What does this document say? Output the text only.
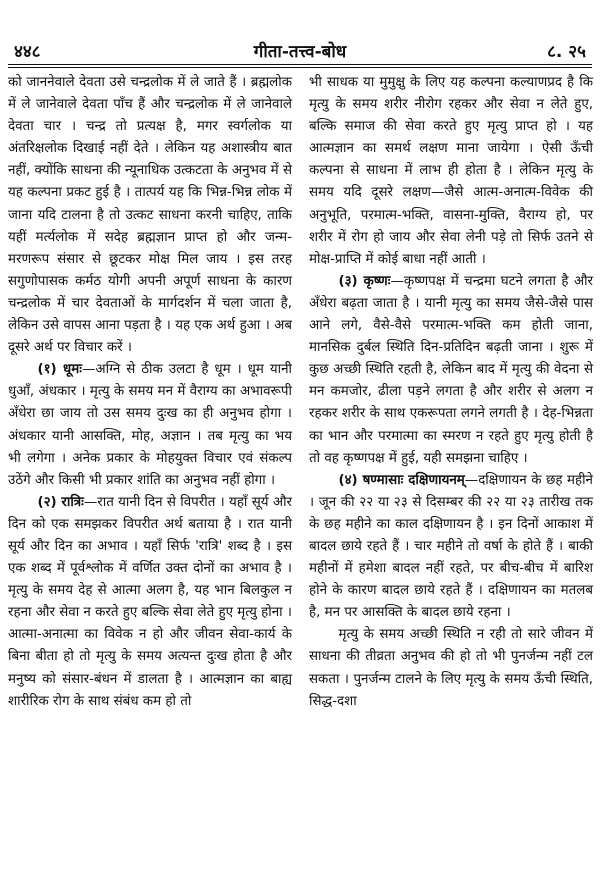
४४८	गीता-तत्त्व-बोध	८. २५

को जाननेवाले देवता उसे चन्द्रलोक में ले जाते हैं । ब्रह्मलोक में ले जानेवाले देवता पाँच हैं और चन्द्रलोक में ले जानेवाले देवता चार । चन्द्र तो प्रत्यक्ष है, मगर स्वर्गलोक या अंतरिक्षलोक दिखाई नहीं देते । लेकिन यह अशास्त्रीय बात नहीं, क्योंकि साधना की न्यूनाधिक उत्कटता के अनुभव में से यह कल्पना प्रकट हुई है । तात्पर्य यह कि भिन्न-भिन्न लोक में जाना यदि टालना है तो उत्कट साधना करनी चाहिए, ताकि यहीं मर्त्यलोक में सदेह ब्रह्मज्ञान प्राप्त हो और जन्म-मरणरूप संसार से छूटकर मोक्ष मिल जाय । इस तरह सगुणोपासक कर्मठ योगी अपनी अपूर्ण साधना के कारण चन्द्रलोक में चार देवताओं के मार्गदर्शन में चला जाता है, लेकिन उसे वापस आना पड़ता है । यह एक अर्थ हुआ । अब दूसरे अर्थ पर विचार करें ।

(१) धूमः—अग्नि से ठीक उलटा है धूम । धूम यानी धुआँ, अंधकार । मृत्यु के समय मन में वैराग्य का अभावरूपी अँधेरा छा जाय तो उस समय दुःख का ही अनुभव होगा । अंधकार यानी आसक्ति, मोह, अज्ञान । तब मृत्यु का भय भी लगेगा । अनेक प्रकार के मोहयुक्त विचार एवं संकल्प उठेंगे और किसी भी प्रकार शांति का अनुभव नहीं होगा ।

(२) रात्रिः—रात यानी दिन से विपरीत । यहाँ सूर्य और दिन को एक समझकर विपरीत अर्थ बताया है । रात यानी सूर्य और दिन का अभाव । यहाँ सिर्फ 'रात्रि' शब्द है । इस एक शब्द में पूर्वश्लोक में वर्णित उक्त दोनों का अभाव है । मृत्यु के समय देह से आत्मा अलग है, यह भान बिलकुल न रहना और सेवा न करते हुए बल्कि सेवा लेते हुए मृत्यु होना । आत्मा-अनात्मा का विवेक न हो और जीवन सेवा-कार्य के बिना बीता हो तो मृत्यु के समय अत्यन्त दुःख होता है और मनुष्य को संसार-बंधन में डालता है । आत्मज्ञान का बाह्य शारीरिक रोग के साथ संबंध कम हो तो

भी साधक या मुमुक्षु के लिए यह कल्पना कल्याणप्रद है कि मृत्यु के समय शरीर नीरोग रहकर और सेवा न लेते हुए, बल्कि समाज की सेवा करते हुए मृत्यु प्राप्त हो । यह आत्मज्ञान का समर्थ लक्षण माना जायेगा । ऐसी ऊँची कल्पना से साधना में लाभ ही होता है । लेकिन मृत्यु के समय यदि दूसरे लक्षण—जैसे आत्म-अनात्म-विवेक की अनुभूति, परमात्म-भक्ति, वासना-मुक्ति, वैराग्य हो, पर शरीर में रोग हो जाय और सेवा लेनी पड़े तो सिर्फ उतने से मोक्ष-प्राप्ति में कोई बाधा नहीं आती ।

(३) कृष्णः—कृष्णपक्ष में चन्द्रमा घटने लगता है और अँधेरा बढ़ता जाता है । यानी मृत्यु का समय जैसे-जैसे पास आने लगे, वैसे-वैसे परमात्म-भक्ति कम होती जाना, मानसिक दुर्बल स्थिति दिन-प्रतिदिन बढ़ती जाना । शुरू में कुछ अच्छी स्थिति रहती है, लेकिन बाद में मृत्यु की वेदना से मन कमजोर, ढीला पड़ने लगता है और शरीर से अलग न रहकर शरीर के साथ एकरूपता लगने लगती है । देह-भिन्नता का भान और परमात्मा का स्मरण न रहते हुए मृत्यु होती है तो वह कृष्णपक्ष में हुई, यही समझना चाहिए ।

(४) षण्मासाः दक्षिणायनम्—दक्षिणायन के छह महीने । जून की २२ या २३ से दिसम्बर की २२ या २३ तारीख तक के छह महीने का काल दक्षिणायन है । इन दिनों आकाश में बादल छाये रहते हैं । चार महीने तो वर्षा के होते हैं । बाकी महीनों में हमेशा बादल नहीं रहते, पर बीच-बीच में बारिश होने के कारण बादल छाये रहते हैं । दक्षिणायन का मतलब है, मन पर आसक्ति के बादल छाये रहना ।

मृत्यु के समय अच्छी स्थिति न रही तो सारे जीवन में साधना की तीव्रता अनुभव की हो तो भी पुनर्जन्म नहीं टल सकता । पुनर्जन्म टालने के लिए मृत्यु के समय ऊँची स्थिति, सिद्ध-दशा
